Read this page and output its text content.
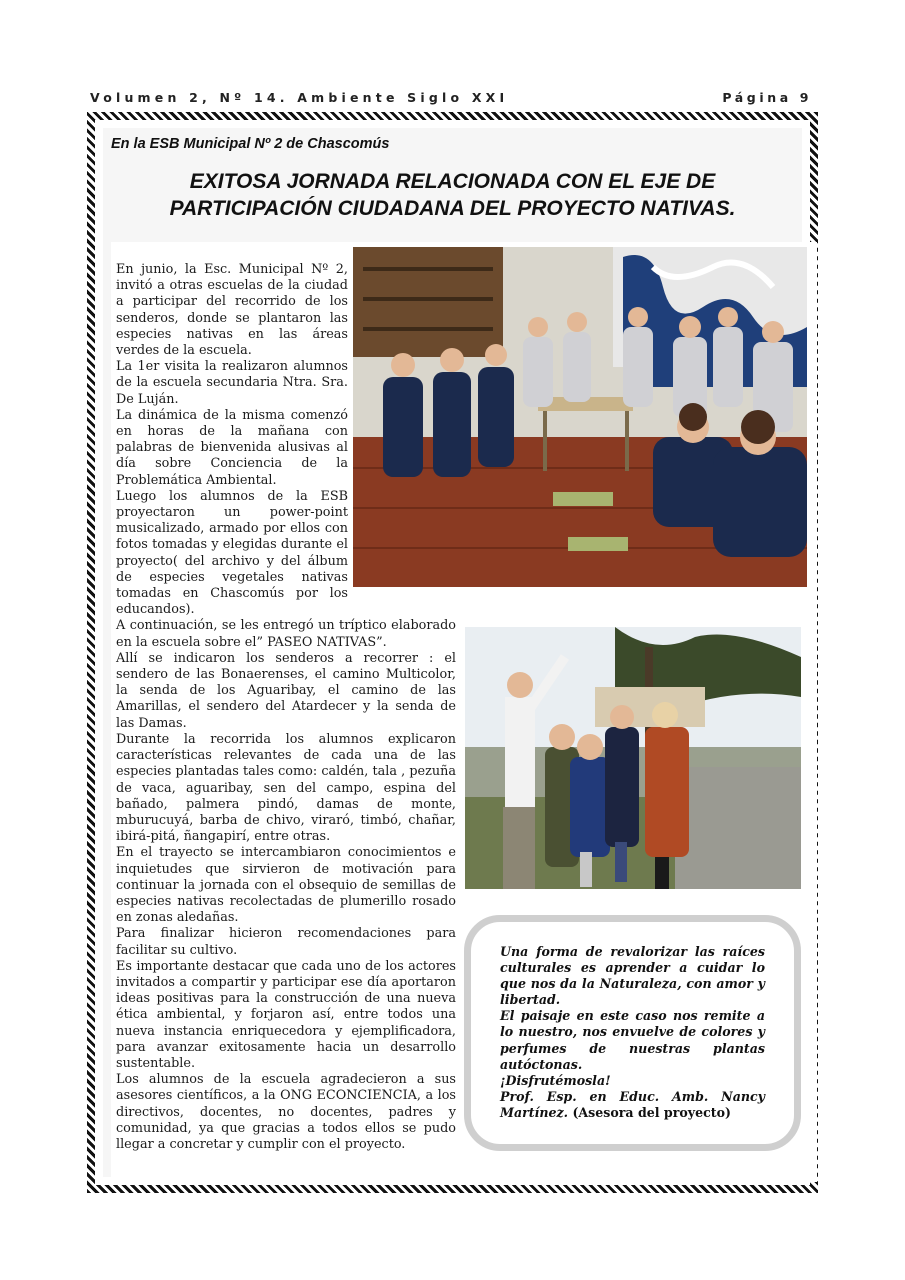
Volumen 2, Nº 14. Ambiente Siglo XXI	Página 9
En la ESB Municipal Nº 2 de Chascomús
EXITOSA JORNADA RELACIONADA CON EL EJE DE
PARTICIPACIÓN CIUDADANA DEL PROYECTO NATIVAS.

En junio, la Esc. Municipal Nº 2, invitó a otras escuelas de la ciudad a participar del recorrido de los senderos, donde se plantaron las especies nativas en las áreas verdes de la escuela.

La 1er visita la realizaron alumnos de la escuela secundaria Ntra. Sra. De Luján.

La dinámica de la misma comenzó en horas de la mañana con palabras de bienvenida alusivas al día sobre Conciencia de la Problemática Ambiental.

Luego los alumnos de la ESB proyectaron un power-point musicalizado, armado por ellos con fotos tomadas y elegidas durante el proyecto( del archivo y del álbum de especies vegetales nativas tomadas en Chascomús por los educandos).

A continuación, se les entregó un tríptico elaborado en la escuela sobre el” PASEO NATIVAS”.

Allí se indicaron los senderos a recorrer : el sendero de las Bonaerenses, el camino Multicolor, la senda de los Aguaribay, el camino de las Amarillas, el sendero del Atardecer y la senda de las Damas.

Durante la recorrida los alumnos explicaron características relevantes de cada una de las especies plantadas tales como: caldén, tala , pezuña de vaca, aguaribay, sen del campo, espina del bañado, palmera pindó, damas de monte, mburucuyá, barba de chivo, viraró, timbó, chañar, ibirá-pitá, ñangapirí, entre otras.

En el trayecto se intercambiaron conocimientos e inquietudes que sirvieron de motivación para continuar la jornada con el obsequio de semillas de especies nativas recolectadas de plumerillo rosado en zonas aledañas.

Para finalizar hicieron recomendaciones para facilitar su cultivo.

Es importante destacar que cada uno de los actores invitados a compartir y participar ese día aportaron ideas positivas para la construcción de una nueva ética ambiental, y forjaron así, entre todos una nueva instancia enriquecedora y ejemplificadora, para avanzar exitosamente hacia un desarrollo sustentable.

Los alumnos de la escuela agradecieron a sus asesores científicos, a la ONG ECONCIENCIA, a los directivos, docentes, no docentes, padres y comunidad, ya que gracias a todos ellos se pudo llegar a concretar y cumplir con el proyecto.

Una forma de revalorizar las raíces culturales es aprender a cuidar lo que nos da la Naturaleza, con amor y libertad.

El paisaje en este caso nos remite a lo nuestro, nos envuelve de colores y perfumes de nuestras plantas autóctonas.

¡Disfrutémosla!

Prof. Esp. en Educ. Amb. Nancy Martínez. (Asesora del proyecto)
